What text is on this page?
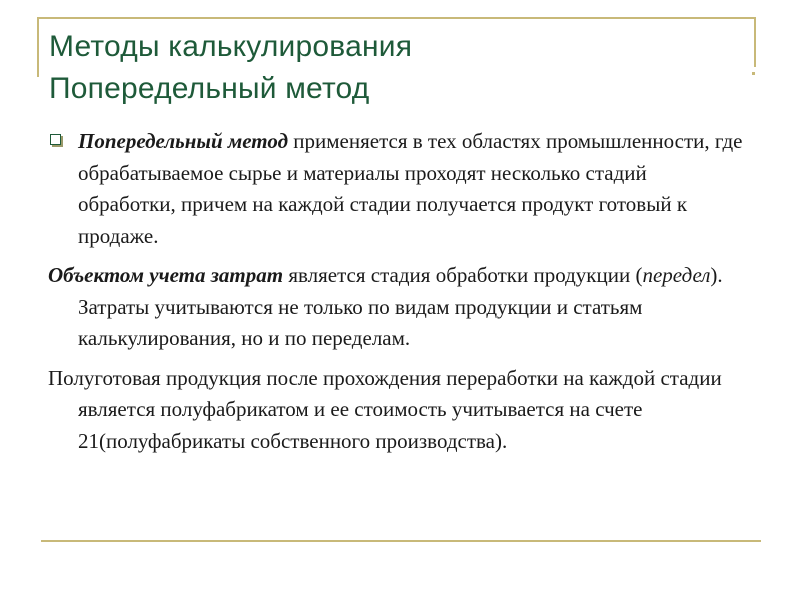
Методы калькулирования
Попередельный метод
Попередельный метод применяется в тех областях промышленности, где обрабатываемое сырье и материалы проходят несколько стадий обработки, причем на каждой стадии получается продукт готовый к продаже.
Объектом учета затрат является стадия обработки продукции (передел). Затраты учитываются не только по видам продукции и статьям калькулирования, но и по переделам.
Полуготовая продукция после прохождения переработки на каждой стадии является полуфабрикатом и ее стоимость учитывается на счете 21(полуфабрикаты собственного производства).
